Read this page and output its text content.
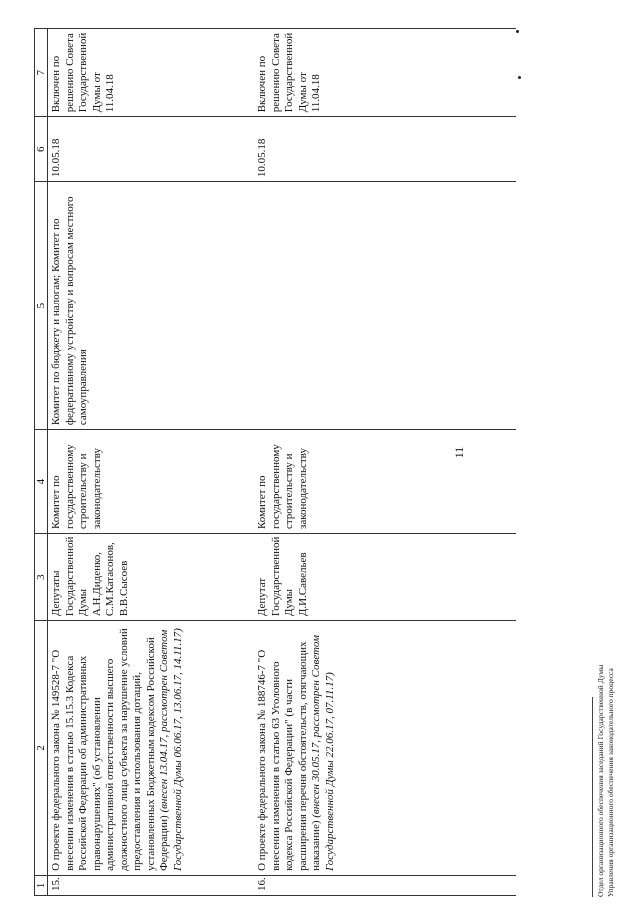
11
1	2	3	4	5	6	7
15.	О проекте федерального закона № 149528-7 "О внесении изменения в статью 15.15.3 Кодекса Российской Федерации об административных правонарушениях" (об установлении административной ответственности высшего должностного лица субъекта за нарушение условий предоставления и использования дотаций, установленных Бюджетным кодексом Российской Федерации) (внесен 13.04.17, рассмотрен Советом Государственной Думы 06.06.17, 13.06.17, 14.11.17)	Депутаты Государственной Думы А.Н.Диденко, С.М.Катасонов, В.В.Сысоев	Комитет по государственному строительству и законодательству	Комитет по бюджету и налогам; Комитет по федеративному устройству и вопросам местного самоуправления	10.05.18	Включен по решению Совета Государственной Думы от 11.04.18
16.	О проекте федерального закона № 188746-7 "О внесении изменения в статью 63 Уголовного кодекса Российской Федерации" (в части расширения перечня обстоятельств, отягчающих наказание) (внесен 30.05.17, рассмотрен Советом Государственной Думы 22.06.17, 07.11.17)	Депутат Государственной Думы Д.И.Савельев	Комитет по государственному строительству и законодательству		10.05.18	Включен по решению Совета Государственной Думы от 11.04.18
Отдел организационного обеспечения заседаний Государственной Думы Управления организационного обеспечения законодательного процесса
